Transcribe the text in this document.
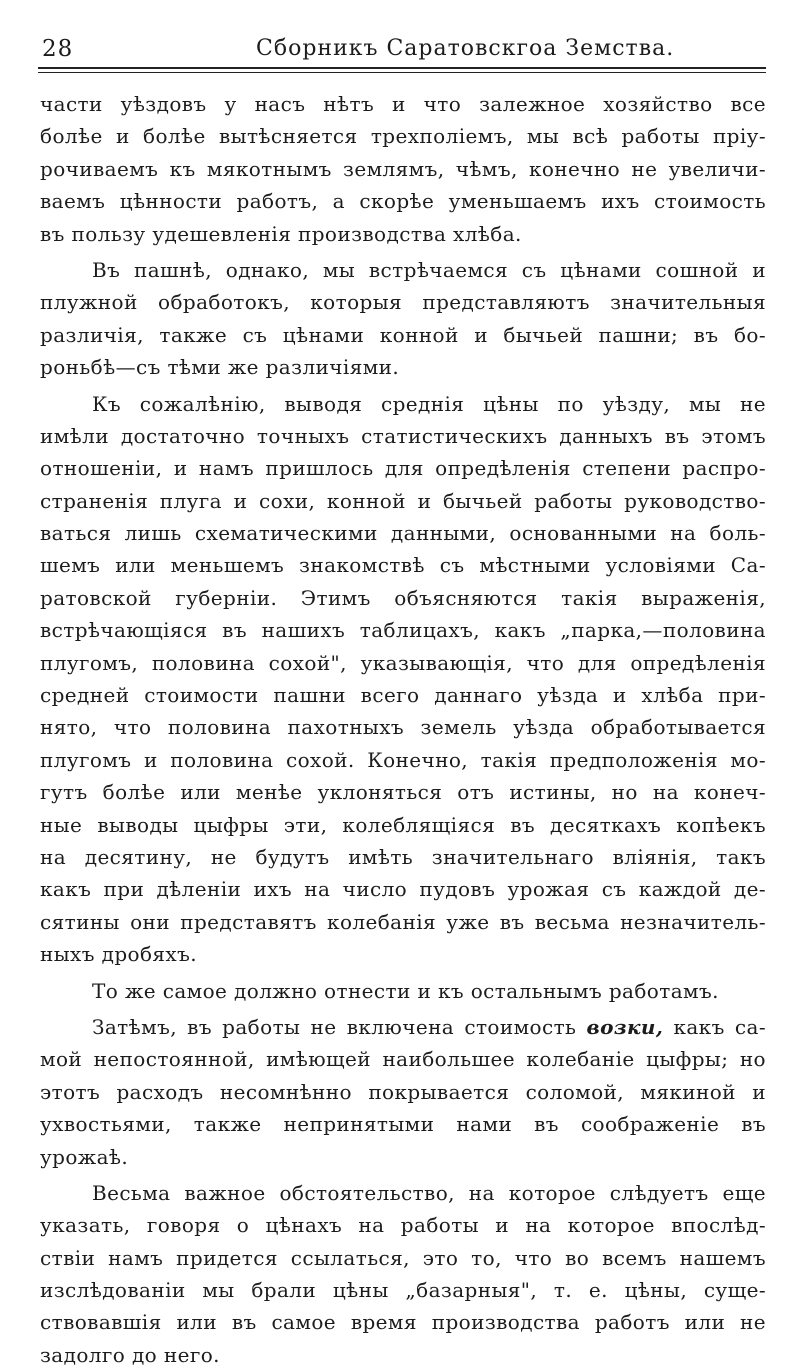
28	Сборникъ Саратовскгоа Земства.
части уѣздовъ у насъ нѣтъ и что залежное хозяйство все
болѣе и болѣе вытѣсняется трехполіемъ, мы всѣ работы пріу-
рочиваемъ къ мякотнымъ землямъ, чѣмъ, конечно не увеличи-
ваемъ цѣнности работъ, а скорѣе уменьшаемъ ихъ стоимость
въ пользу удешевленія производства хлѣба.
Въ пашнѣ, однако, мы встрѣчаемся съ цѣнами сошной и
плужной обработокъ, которыя представляютъ значительныя
различія, также съ цѣнами конной и бычьей пашни; въ бо-
роньбѣ—съ тѣми же различіями.
Къ сожалѣнію, выводя среднія цѣны по уѣзду, мы не
имѣли достаточно точныхъ статистическихъ данныхъ въ этомъ
отношенiи, и намъ пришлось для опредѣленія степени распро-
страненія плуга и сохи, конной и бычьей работы руководство-
ваться лишь схематическими данными, основанными на боль-
шемъ или меньшемъ знакомствѣ съ мѣстными условіями Са-
ратовской губерніи. Этимъ объясняются такія выраженія,
встрѣчающіяся въ нашихъ таблицахъ, какъ „парка,—половина
плугомъ, половина сохой", указывающія, что для опредѣленія
средней стоимости пашни всего даннаго уѣзда и хлѣба при-
нято, что половина пахотныхъ земель уѣзда обработывается
плугомъ и половина сохой. Конечно, такія предположенія мо-
гутъ болѣе или менѣе уклоняться отъ истины, но на конеч-
ные выводы цыфры эти, колеблящіяся въ десяткахъ копѣекъ
на десятину, не будутъ имѣть значительнаго вліянія, такъ
какъ при дѣленіи ихъ на число пудовъ урожая съ каждой де-
сятины они представятъ колебанія уже въ весьма незначитель-
ныхъ дробяхъ.
То же самое должно отнести и къ остальнымъ работамъ.
Затѣмъ, въ работы не включена стоимость возки, какъ са-
мой непостоянной, имѣющей наибольшее колебаніе цыфры; но
этотъ расходъ несомнѣнно покрывается соломой, мякиной и
ухвостьями, также непринятыми нами въ соображеніе въ
урожаѣ.
Весьма важное обстоятельство, на которое слѣдуетъ еще
указать, говоря о цѣнахъ на работы и на которое впослѣд-
ствіи намъ придется ссылаться, это то, что во всемъ нашемъ
изслѣдованіи мы брали цѣны „базарныя", т. е. цѣны, суще-
ствовавшія или въ самое время производства работъ или не
задолго до него.
